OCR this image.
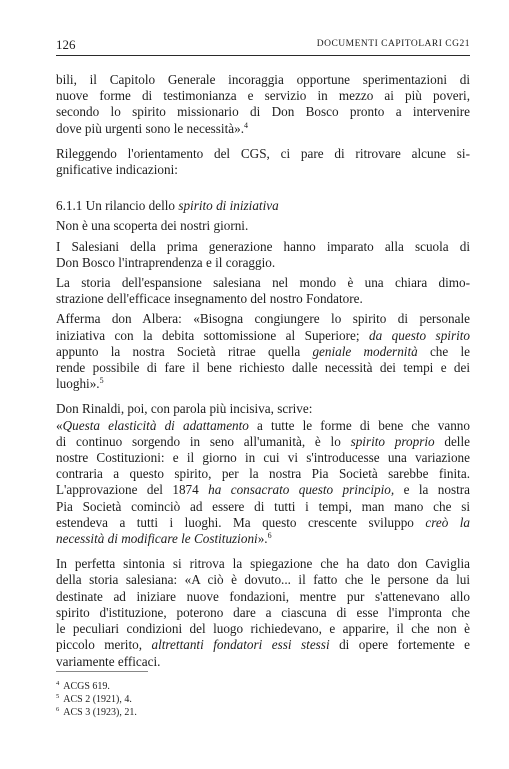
126	DOCUMENTI CAPITOLARI CG21
bili, il Capitolo Generale incoraggia opportune sperimentazioni di
nuove forme di testimonianza e servizio in mezzo ai più poveri,
secondo lo spirito missionario di Don Bosco pronto a intervenire
dove più urgenti sono le necessità».$^4$
Rileggendo l'orientamento del CGS, ci pare di ritrovare alcune si-
gnificative indicazioni:
6.1.1 Un rilancio dello spirito di iniziativa
Non è una scoperta dei nostri giorni.
I Salesiani della prima generazione hanno imparato alla scuola di
Don Bosco l'intraprendenza e il coraggio.
La storia dell'espansione salesiana nel mondo è una chiara dimo-
strazione dell'efficace insegnamento del nostro Fondatore.
Afferma don Albera: «Bisogna congiungere lo spirito di personale
iniziativa con la debita sottomissione al Superiore; da questo spirito
appunto la nostra Società ritrae quella geniale modernità che le
rende possibile di fare il bene richiesto dalle necessità dei tempi e dei
luoghi».$^5$
Don Rinaldi, poi, con parola più incisiva, scrive:
«Questa elasticità di adattamento a tutte le forme di bene che vanno
di continuo sorgendo in seno all'umanità, è lo spirito proprio delle
nostre Costituzioni: e il giorno in cui vi s'introducesse una variazione
contraria a questo spirito, per la nostra Pia Società sarebbe finita.
L'approvazione del 1874 ha consacrato questo principio, e la nostra
Pia Società cominciò ad essere di tutti i tempi, man mano che si
estendeva a tutti i luoghi. Ma questo crescente sviluppo creò la
necessità di modificare le Costituzioni».$^6$
In perfetta sintonia si ritrova la spiegazione che ha dato don Caviglia
della storia salesiana: «A ciò è dovuto... il fatto che le persone da lui
destinate ad iniziare nuove fondazioni, mentre pur s'attenevano allo
spirito d'istituzione, poterono dare a ciascuna di esse l'impronta che
le peculiari condizioni del luogo richiedevano, e apparire, il che non è
piccolo merito, altrettanti fondatori essi stessi di opere fortemente e
variamente efficaci.
$^4$ ACGS 619.
$^5$ ACS 2 (1921), 4.
$^6$ ACS 3 (1923), 21.
